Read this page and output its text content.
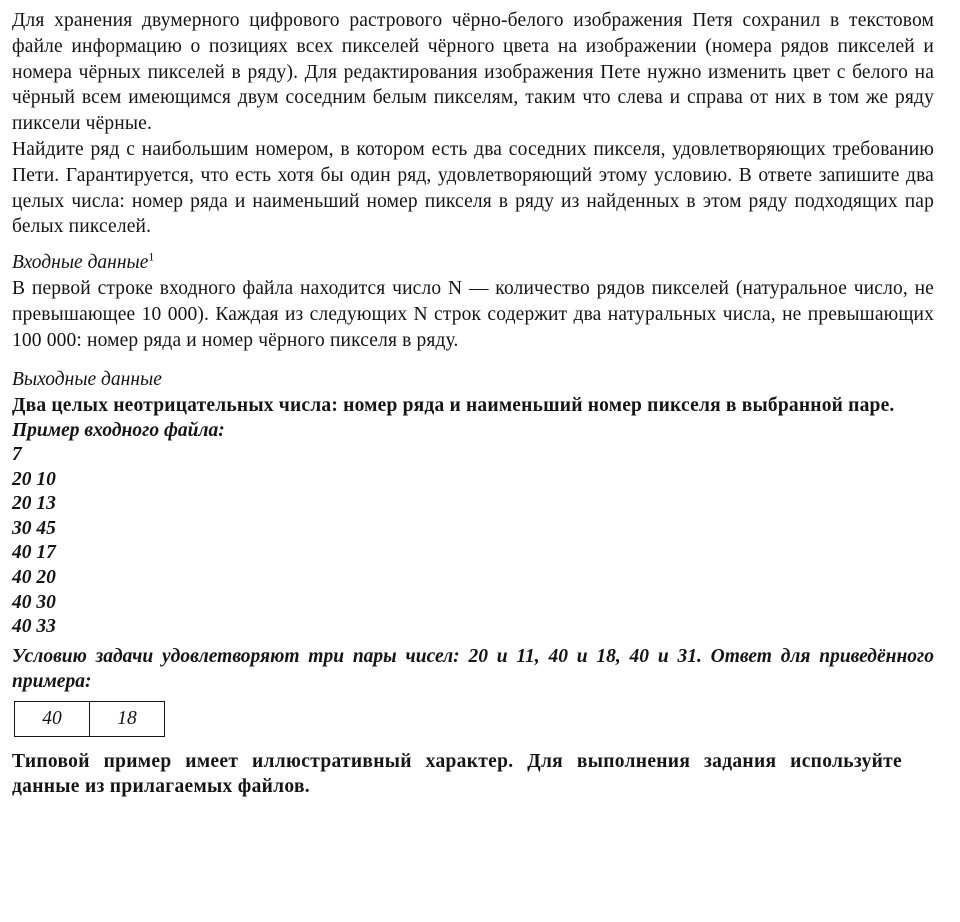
Для хранения двумерного цифрового растрового чёрно-белого изображения Петя сохранил в текстовом файле информацию о позициях всех пикселей чёрного цвета на изображении (номера рядов пикселей и номера чёрных пикселей в ряду). Для редактирования изображения Пете нужно изменить цвет с белого на чёрный всем имеющимся двум соседним белым пикселям, таким что слева и справа от них в том же ряду пиксели чёрные.

Найдите ряд с наибольшим номером, в котором есть два соседних пикселя, удовлетворяющих требованию Пети. Гарантируется, что есть хотя бы один ряд, удовлетворяющий этому условию. В ответе запишите два целых числа: номер ряда и наименьший номер пикселя в ряду из найденных в этом ряду подходящих пар белых пикселей.

Входные данные$^1$

В первой строке входного файла находится число N — количество рядов пикселей (натуральное число, не превышающее 10 000). Каждая из следующих N строк содержит два натуральных числа, не превышающих 100 000: номер ряда и номер чёрного пикселя в ряду.

Выходные данные

Два целых неотрицательных числа: номер ряда и наименьший номер пикселя в выбранной паре.

Пример входного файла:

7
20 10
20 13
30 45
40 17
40 20
40 30
40 33

Условию задачи удовлетворяют три пары чисел: 20 и 11, 40 и 18, 40 и 31. Ответ для приведённого примера:

40	18

Типовой пример имеет иллюстративный характер. Для выполнения задания используйте данные из прилагаемых файлов.
